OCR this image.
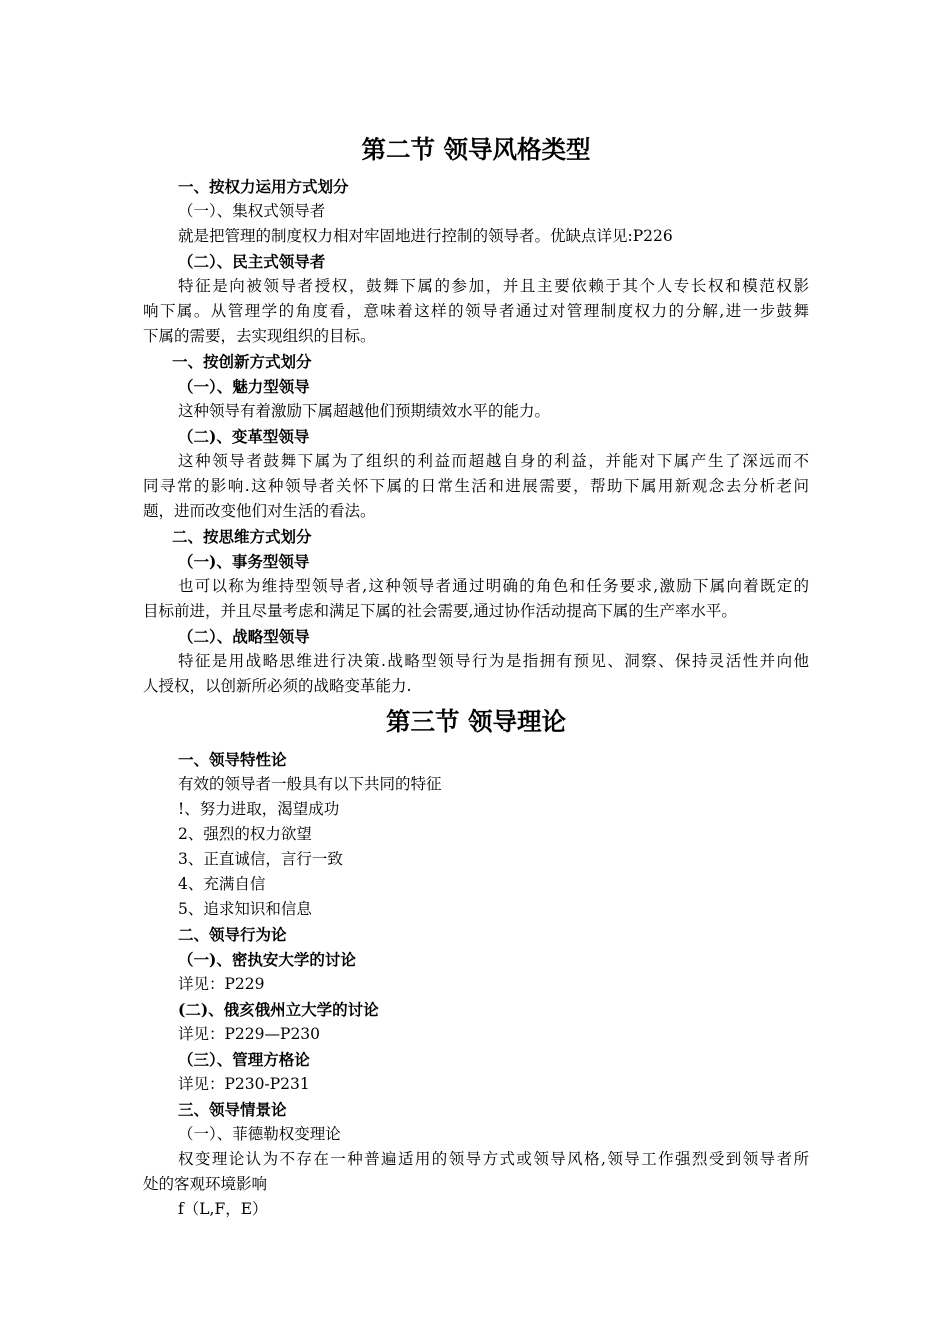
第二节 领导风格类型
一、按权力运用方式划分
（一）、集权式领导者
就是把管理的制度权力相对牢固地进行控制的领导者。优缺点详见:P226
（二）、民主式领导者
特征是向被领导者授权，鼓舞下属的参加，并且主要依赖于其个人专长权和模范权影
响下属。从管理学的角度看，意味着这样的领导者通过对管理制度权力的分解,进一步鼓舞
下属的需要，去实现组织的目标。
一、按创新方式划分
（一）、魅力型领导
这种领导有着激励下属超越他们预期绩效水平的能力。
（二)、变革型领导
这种领导者鼓舞下属为了组织的利益而超越自身的利益，并能对下属产生了深远而不
同寻常的影响.这种领导者关怀下属的日常生活和进展需要，帮助下属用新观念去分析老问
题，进而改变他们对生活的看法。
二、按思维方式划分
（一)、事务型领导
也可以称为维持型领导者,这种领导者通过明确的角色和任务要求,激励下属向着既定的
目标前进，并且尽量考虑和满足下属的社会需要,通过协作活动提高下属的生产率水平。
（二）、战略型领导
特征是用战略思维进行决策.战略型领导行为是指拥有预见、洞察、保持灵活性并向他
人授权，以创新所必须的战略变革能力.
第三节 领导理论
一、领导特性论
有效的领导者一般具有以下共同的特征
!、努力进取，渴望成功
2、强烈的权力欲望
3、正直诚信，言行一致
4、充满自信
5、追求知识和信息
二、领导行为论
（一)、密执安大学的讨论
详见：P229
(二)、俄亥俄州立大学的讨论
详见：P229—P230
（三）、管理方格论
详见：P230-P231
三、领导情景论
（一）、菲德勒权变理论
权变理论认为不存在一种普遍适用的领导方式或领导风格,领导工作强烈受到领导者所
处的客观环境影响
f（L,F，E）
